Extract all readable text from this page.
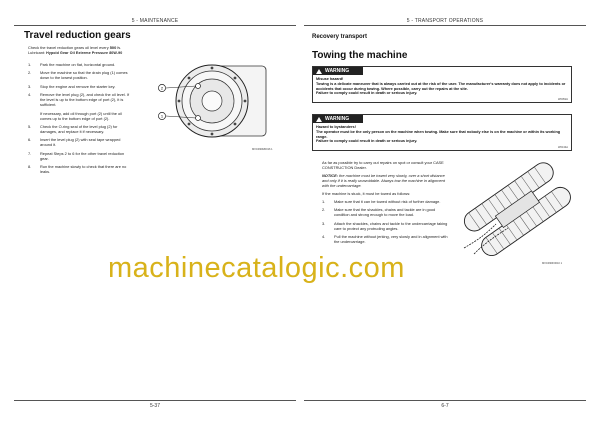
5 - MAINTENANCE
Travel reduction gears
Check the travel reduction gears oil level every 500 h.
Lubricant: Hypoid Gear Oil Extreme Pressure 80W-90
1.	Park the machine on flat, horizontal ground.
2.	Move the machine so that the drain plug (1) comes down to the lowest position.
3.	Stop the engine and remove the starter key.
4.	Remove the level plug (2), and check the oil level. If the level is up to the bottom edge of port (2), it is sufficient.
If necessary, add oil through port (2) until the oil comes up to the bottom edge of port (2).
5.	Check the O-ring seal of the level plug (2) for damages, and replace it if necessary.
6.	Insert the level plug (2) with seal tape wrapped around it.
7.	Repeat Steps 2 to 6 for the other travel reduction gear.
8.	Run the machine slowly to check that there are no leaks.
2
1
MXC09DM0016 1
5-37
5 - TRANSPORT OPERATIONS
Recovery transport
Towing the machine
WARNING
Misuse hazard!
Towing is a delicate maneuver that is always carried out at the risk of the user. The manufacturer's warranty does not apply to incidents or accidents that occur during towing. Where possible, carry out the repairs at the site.
Failure to comply could result in death or serious injury.
W0052A
WARNING
Hazard to bystanders!
The operator must be the only person on the machine when towing. Make sure that nobody else is on the machine or within its working range.
Failure to comply could result in death or serious injury.
W0134A
As far as possible try to carry out repairs on spot or consult your CASE CONSTRUCTION Dealer.
NOTICE: the machine must be towed very slowly, over a short distance and only if it is really unavoidable. Always tow the machine in alignment with the undercarriage.
If the machine is stuck, it must be towed as follows:
1.	Make sure that it can be towed without risk of further damage.
2.	Make sure that the shackles, chains and tackle are in good condition and strong enough to move the load.
3.	Attach the shackles, chains and tackle to the undercarriage taking care to protect any protruding angles.
4.	Pull the machine without jerking, very slowly and in alignment with the undercarriage.
MXC09DF0010 1
6-7
machinecatalogic.com
